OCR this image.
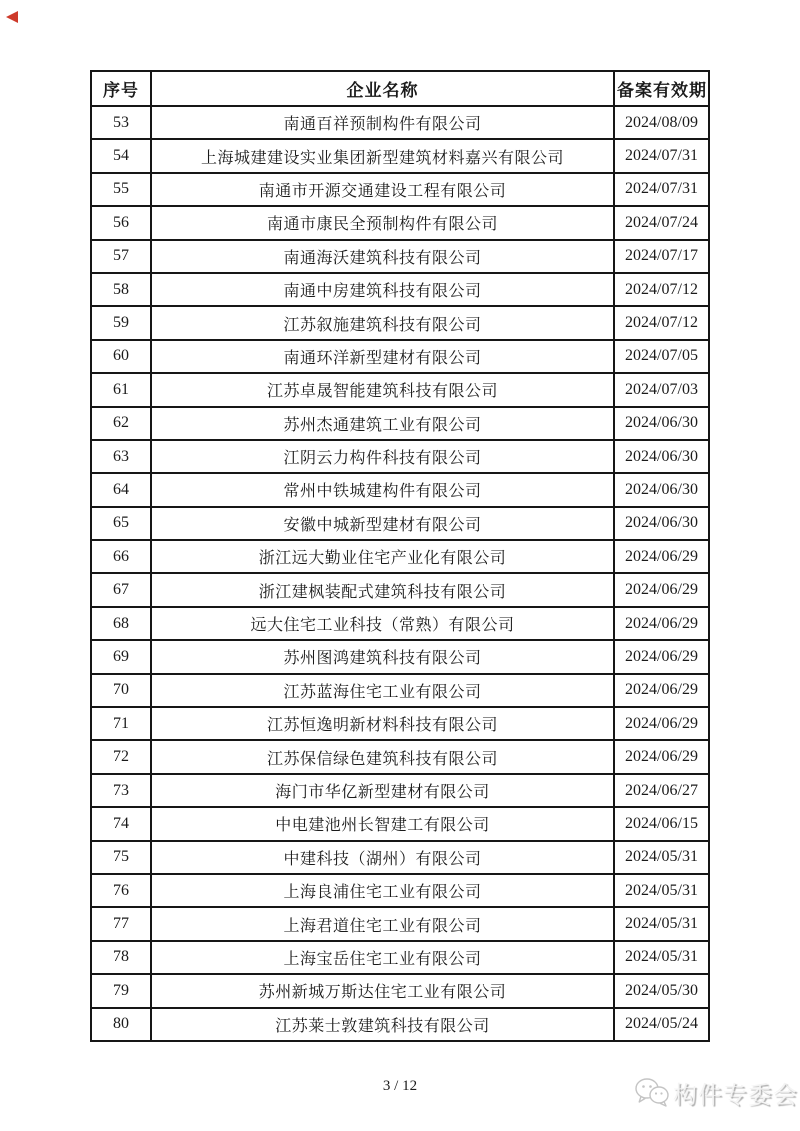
序号	企业名称	备案有效期
53	南通百祥预制构件有限公司	2024/08/09
54	上海城建建设实业集团新型建筑材料嘉兴有限公司	2024/07/31
55	南通市开源交通建设工程有限公司	2024/07/31
56	南通市康民全预制构件有限公司	2024/07/24
57	南通海沃建筑科技有限公司	2024/07/17
58	南通中房建筑科技有限公司	2024/07/12
59	江苏叙施建筑科技有限公司	2024/07/12
60	南通环洋新型建材有限公司	2024/07/05
61	江苏卓晟智能建筑科技有限公司	2024/07/03
62	苏州杰通建筑工业有限公司	2024/06/30
63	江阴云力构件科技有限公司	2024/06/30
64	常州中铁城建构件有限公司	2024/06/30
65	安徽中城新型建材有限公司	2024/06/30
66	浙江远大勤业住宅产业化有限公司	2024/06/29
67	浙江建枫装配式建筑科技有限公司	2024/06/29
68	远大住宅工业科技（常熟）有限公司	2024/06/29
69	苏州图鸿建筑科技有限公司	2024/06/29
70	江苏蓝海住宅工业有限公司	2024/06/29
71	江苏恒逸明新材料科技有限公司	2024/06/29
72	江苏保信绿色建筑科技有限公司	2024/06/29
73	海门市华亿新型建材有限公司	2024/06/27
74	中电建池州长智建工有限公司	2024/06/15
75	中建科技（湖州）有限公司	2024/05/31
76	上海良浦住宅工业有限公司	2024/05/31
77	上海君道住宅工业有限公司	2024/05/31
78	上海宝岳住宅工业有限公司	2024/05/31
79	苏州新城万斯达住宅工业有限公司	2024/05/30
80	江苏莱士敦建筑科技有限公司	2024/05/24
3 / 12	构件专委会
